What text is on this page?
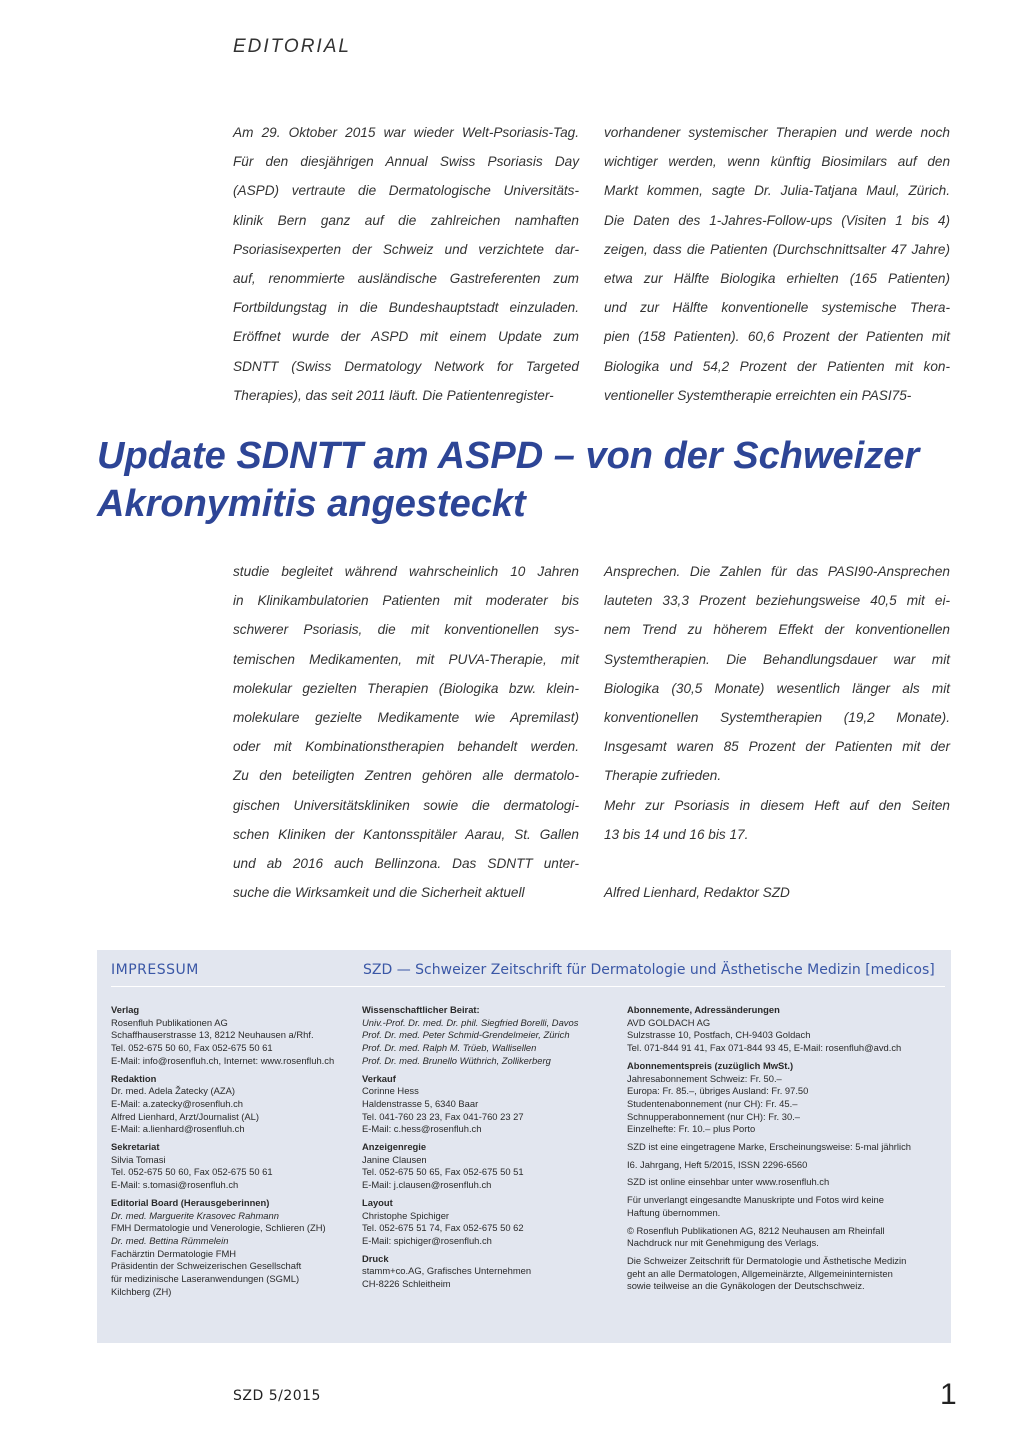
EDITORIAL

Am 29. Oktober 2015 war wieder Welt-Psoriasis-Tag.

Für den diesjährigen Annual Swiss Psoriasis Day

(ASPD) vertraute die Dermatologische Universitäts-

klinik Bern ganz auf die zahlreichen namhaften

Psoriasisexperten der Schweiz und verzichtete dar-

auf, renommierte ausländische Gastreferenten zum

Fortbildungstag in die Bundeshauptstadt einzuladen.

Eröffnet wurde der ASPD mit einem Update zum

SDNTT (Swiss Dermatology Network for Targeted

Therapies), das seit 2011 läuft. Die Patientenregister-

vorhandener systemischer Therapien und werde noch

wichtiger werden, wenn künftig Biosimilars auf den

Markt kommen, sagte Dr. Julia-Tatjana Maul, Zürich.

Die Daten des 1-Jahres-Follow-ups (Visiten 1 bis 4)

zeigen, dass die Patienten (Durchschnittsalter 47 Jahre)

etwa zur Hälfte Biologika erhielten (165 Patienten)

und zur Hälfte konventionelle systemische Thera-

pien (158 Patienten). 60,6 Prozent der Patienten mit

Biologika und 54,2 Prozent der Patienten mit kon-

ventioneller Systemtherapie erreichten ein PASI75-

Update SDNTT am ASPD – von der Schweizer
Akronymitis angesteckt

studie begleitet während wahrscheinlich 10 Jahren

in Klinikambulatorien Patienten mit moderater bis

schwerer Psoriasis, die mit konventionellen sys-

temischen Medikamenten, mit PUVA-Therapie, mit

molekular gezielten Therapien (Biologika bzw. klein-

molekulare gezielte Medikamente wie Apremilast)

oder mit Kombinationstherapien behandelt werden.

Zu den beteiligten Zentren gehören alle dermatolo-

gischen Universitätskliniken sowie die dermatologi-

schen Kliniken der Kantonsspitäler Aarau, St. Gallen

und ab 2016 auch Bellinzona. Das SDNTT unter-

suche die Wirksamkeit und die Sicherheit aktuell

Ansprechen. Die Zahlen für das PASI90-Ansprechen

lauteten 33,3 Prozent beziehungsweise 40,5 mit ei-

nem Trend zu höherem Effekt der konventionellen

Systemtherapien. Die Behandlungsdauer war mit

Biologika (30,5 Monate) wesentlich länger als mit

konventionellen Systemtherapien (19,2 Monate).

Insgesamt waren 85 Prozent der Patienten mit der

Therapie zufrieden.

Mehr zur Psoriasis in diesem Heft auf den Seiten

13 bis 14 und 16 bis 17.

Alfred Lienhard, Redaktor SZD

IMPRESSUM	SZD — Schweizer Zeitschrift für Dermatologie und Ästhetische Medizin [medicos]
Verlag
Rosenfluh Publikationen AG
Schaffhauserstrasse 13, 8212 Neuhausen a/Rhf.
Tel. 052-675 50 60, Fax 052-675 50 61
E-Mail: info@rosenfluh.ch, Internet: www.rosenfluh.ch
Redaktion
Dr. med. Adela Žatecky (AZA)
E-Mail: a.zatecky@rosenfluh.ch
Alfred Lienhard, Arzt/Journalist (AL)
E-Mail: a.lienhard@rosenfluh.ch
Sekretariat
Silvia Tomasi
Tel. 052-675 50 60, Fax 052-675 50 61
E-Mail: s.tomasi@rosenfluh.ch
Editorial Board (Herausgeberinnen)
Dr. med. Marguerite Krasovec Rahmann
FMH Dermatologie und Venerologie, Schlieren (ZH)
Dr. med. Bettina Rümmelein
Fachärztin Dermatologie FMH
Präsidentin der Schweizerischen Gesellschaft
für medizinische Laseranwendungen (SGML)
Kilchberg (ZH)
Wissenschaftlicher Beirat:
Univ.-Prof. Dr. med. Dr. phil. Siegfried Borelli, Davos
Prof. Dr. med. Peter Schmid-Grendelmeier, Zürich
Prof. Dr. med. Ralph M. Trüeb, Wallisellen
Prof. Dr. med. Brunello Wüthrich, Zollikerberg
Verkauf
Corinne Hess
Haldenstrasse 5, 6340 Baar
Tel. 041-760 23 23, Fax 041-760 23 27
E-Mail: c.hess@rosenfluh.ch
Anzeigenregie
Janine Clausen
Tel. 052-675 50 65, Fax 052-675 50 51
E-Mail: j.clausen@rosenfluh.ch
Layout
Christophe Spichiger
Tel. 052-675 51 74, Fax 052-675 50 62
E-Mail: spichiger@rosenfluh.ch
Druck
stamm+co.AG, Grafisches Unternehmen
CH-8226 Schleitheim
Abonnemente, Adressänderungen
AVD GOLDACH AG
Sulzstrasse 10, Postfach, CH-9403 Goldach
Tel. 071-844 91 41, Fax 071-844 93 45, E-Mail: rosenfluh@avd.ch
Abonnementspreis (zuzüglich MwSt.)
Jahresabonnement Schweiz: Fr. 50.–
Europa: Fr. 85.–, übriges Ausland: Fr. 97.50
Studentenabonnement (nur CH): Fr. 45.–
Schnupperabonnement (nur CH): Fr. 30.–
Einzelhefte: Fr. 10.– plus Porto
SZD ist eine eingetragene Marke, Erscheinungsweise: 5-mal jährlich
I6. Jahrgang, Heft 5/2015, ISSN 2296-6560
SZD ist online einsehbar unter www.rosenfluh.ch
Für unverlangt eingesandte Manuskripte und Fotos wird keine
Haftung übernommen.
© Rosenfluh Publikationen AG, 8212 Neuhausen am Rheinfall
Nachdruck nur mit Genehmigung des Verlags.
Die Schweizer Zeitschrift für Dermatologie und Ästhetische Medizin
geht an alle Dermatologen, Allgemeinärzte, Allgemeininternisten
sowie teilweise an die Gynäkologen der Deutschschweiz.
SZD 5/2015	1
